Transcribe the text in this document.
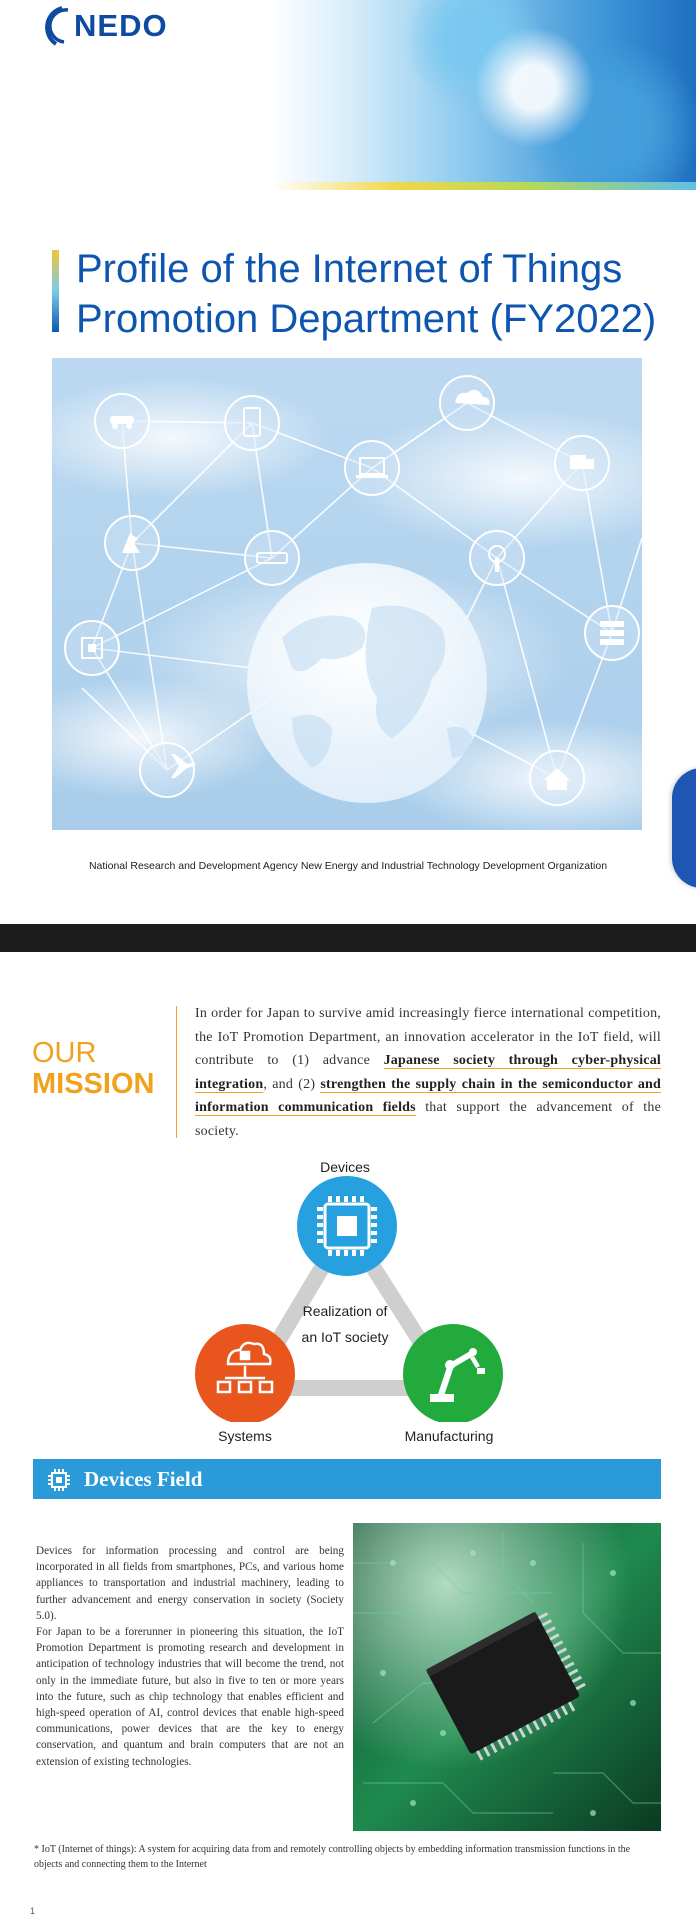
NEDO
Profile of the Internet of Things
Promotion Department (FY2022)
National Research and Development Agency New Energy and Industrial Technology Development Organization
OUR
MISSION
In order for Japan to survive amid increasingly fierce international competition, the IoT Promotion Department, an innovation accelerator in the IoT field, will contribute to (1) advance Japanese society through cyber-physical integration, and (2) strengthen the supply chain in the semiconductor and information communication fields that support the advancement of the society.
Devices
Realization of
an IoT society
Systems	Manufacturing
Devices Field

Devices for information processing and control are being incorporated in all fields from smartphones, PCs, and various home appliances to transportation and industrial machinery, leading to further advancement and energy conservation in society (Society 5.0).

For Japan to be a forerunner in pioneering this situation, the IoT Promotion Department is promoting research and development in anticipation of technology industries that will become the trend, not only in the immediate future, but also in five to ten or more years into the future, such as chip technology that enables efficient and high-speed operation of AI, control devices that enable high-speed communications, power devices that are the key to energy conservation, and quantum and brain computers that are not an extension of existing technologies.

* IoT (Internet of things): A system for acquiring data from and remotely controlling objects by embedding information transmission functions in the objects and connecting them to the Internet
1
